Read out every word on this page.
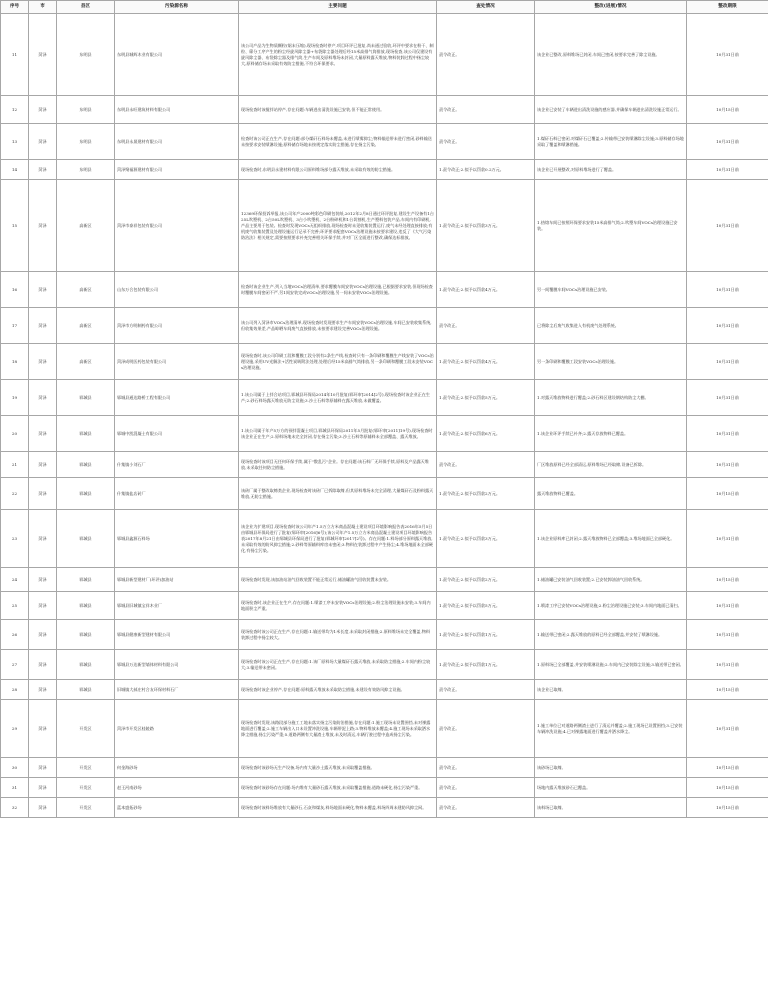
序号	市	县区	污染源名称	主要问题	查处情况	整改(进展)情况	整改期限
11	菏泽	东明县	东明县城辉木业有限公司	该公司产品为生物质颗粒(锯末压缩),现场检查时停产,项目环评已批复,尚未通过验收,环评中要求在粉干、制粒、筛分工序产生的粉尘经旋风除尘器+布袋除尘器处理后经15米高排气筒排放,现场检查,该公司仅建设有旋风除尘器、布袋除尘器及排气筒,生产车间及原料堆场未封闭,大量原料露天堆放,物料装卸过程中扬尘较大,原料储存场未采取有效防尘措施,不符合环保要求。	责令改正。	该企业已整改,原料堆场已封闭,车间已密闭,按要求完善了除尘设施。	10月31日前
12	菏泽	东明县	东明县永旺建筑材料有限公司	现场检查时该搅拌站停产,存在问题:车辆进出清洗设施已安装,但不能正常使用。	责令改正。	该企业已安装了车辆进出清洗设施的感应器,并确保车辆进出清洗设施正常运行。	10月15日前
13	菏泽	东明县	东明县永晟建材有限公司	检查时该公司正在生产,存在问题:部分煤矸石料场未覆盖,未进行喷雾抑尘;物料输送带未进行密闭,砂料输送未按要求安装喷淋设施;原料储存场地未按规定落实防尘措施,存在扬尘污染。	责令改正。	1.煤矸石料已密闭,对煤矸石已覆盖;2.传输带已安装喷淋除尘设施;3.原料储存场地采取了覆盖和喷淋措施。	10月31日前
14	菏泽	东明县	菏泽聚福源建材有限公司	现场检查时,东明县永建材料有限公司原料堆场部分露天堆放,未采取有效的防尘措施。	1.责令改正;2.拟予以罚款0.2万元。	该企业已开展整改,对原料堆场进行了覆盖。	10月31日前
15	菏泽	高新区	菏泽市泰祥包装有限公司	12369环保投诉举报,该公司年产2000吨彩色印刷包装纸,2012年2月8日通过环评批复,建设生产设备有1台25L吹塑机、2台50L吹塑机、3台小吹塑机、2台粉碎机和1台切割机,生产塑料包装产品,车间内有印刷机,产品主要用于包装。检查时发现VOCs无组织排放,现场检查时未见收集装置运行,废气未经处理直接排放;有机废气收集装置及处理设施运行记录不完善;环评要求配套VOCs治理设施未按要求建设,违反了《大气污染防治法》相关规定,需要按照要求补充完善相关环保手续,并对厂区全面进行整改,确保达标排放。	1.责令改正;2.拟予以罚款3万元。	1.热熔车间已按照环保要求安装15米高排气筒;2.吹塑车间VOCs治理设施已安装。	10月31日前
16	菏泽	高新区	山东万合包装有限公司	检查时该企业生产,列入当地VOCs治理清单,要求覆膜车间安装VOCs治理设施,已根据要求安装,但现场检查时覆膜车间密闭不严,另1间安装完成VOCs治理设施,另一间未安装VOCs治理设施。	1.责令改正;2.拟予以罚款4万元。	另一间覆膜车间VOCs治理设施已安装。	10月31日前
17	菏泽	高新区	菏泽市方明制药有限公司	该公司列入菏泽市VOCs治理清单,现场检查时发现要求生产车间安装VOCs治理设施,车间已安装收集系统,但收集效果差,产品晾晒车间废气直接排放,未按要求建设完善VOCs治理设施。	责令改正。	已将除尘后废气收集进入有机废气处理系统。	10月31日前
18	菏泽	高新区	菏泽成明医药包装有限公司	现场检查时,该公司印刷工段和覆膜工段分别有2条生产线,检查时只有一条印刷和覆膜生产线安装了VOCs治理设施,采用UV光解法+活性炭吸附法处理,处理后经15米高排气筒排放,另一条印刷和覆膜工段未安装VOCs治理设施。	1.责令改正;2.拟予以罚款4万元。	另一条印刷和覆膜工段安装VOCs治理设施。	10月31日前
19	菏泽	郓城县	郓城县通达路桥工程有限公司	1.该公司属于上拌合站项目,郓城县环保局2014年10月批复(郓环审[2014]2号),现场检查时该企业正在生产;2.砂石料场露天堆放无防尘设施;3.沙土石料等原辅料在露天堆放,未做覆盖。	1.责令改正;2.拟予以罚款5万元。	1.对露天堆放物料进行覆盖;2.砂石料区建设钢结构防尘大棚。	10月31日前
20	菏泽	郓城县	郓城中凯混凝土有限公司	1.该公司属于年产5万方的预拌混凝土项目,郓城县环保局2011年5月批复(郓环审[2011]19号),现场检查时该企业正在生产;2.原料场地未完全封闭,存在扬尘污染;3.沙土石料等原辅料未全部覆盖、露天堆放。	1.责令改正;2.拟予以罚款6万元。	1.该企业环评手续已补齐;2.露天存放物料已覆盖。	10月31日前
21	菏泽	郓城县	什集镇小刘石厂	现场检查时该项目无任何环保手续,属于"散乱污"企业。存在问题:该石料厂无环保手续,原料及产品露天堆放,未采取任何防尘措施。	责令改正。	厂区堆放原料已经全部清运,原料堆场已经取缔,设备已拆除。	10月31日前
22	菏泽	郓城县	什集镇盐店砖厂	该砖厂属于整改取缔类企业,现场检查时该砖厂已拆除取缔,但其原料堆场未完全清理,大量煤矸石及粉料露天堆放,无防尘措施。	1.责令改正;2.拟予以罚款2万元。	露天堆放物料已覆盖。	10月15日前
23	菏泽	郓城县	郓城县鑫源石料场	该企业为扩建项目,现场检查时该公司年产1.5万立方米商品混凝土建设项目环境影响报告表2016年5月5日由郓城县环保局进行了批复(郓环审[2016]6号);该公司年产1.5万立方米商品混凝土建设项目环境影响报告表2017年8月21日由郓城县环保局进行了批复(郓城环审[2017]2号)。存在问题:1.料场部分原料露天堆放,未采取有效的防风抑尘措施;2.砂料等原辅料库房未密闭;3.物料在装卸过程中产生扬尘;4.堆场地面未全部硬化,有扬尘污染。	1.责令改正;2.拟予以罚款3万元。	1.该企业原料库已封闭;2.露天堆放物料已全部覆盖;3.堆场地面已全部硬化。	10月31日前
24	菏泽	郓城县	郓城县新型建材厂(环评)加油站	现场检查时发现,该加油站油气回收装置不能正常运行,储油罐油气回收装置未安装。	1.责令改正;2.拟予以罚款2万元。	1.储油罐已安装油气回收装置;2.已安装卸油油气回收系统。	10月15日前
25	菏泽	郓城县	郓城县旧城镇宝祥木业厂	现场检查时,该企业正在生产,存在问题:1.喷漆工序未安装VOCs治理设施;2.粉尘治理设施未安装;3.车间内地面积尘严重。	1.责令改正;2.拟予以罚款5万元。	1.喷漆工序已安装VOCs治理设施;2.粉尘治理设施已安装;3.车间内地面已清扫。	10月31日前
26	菏泽	郓城县	郓城县健康新型建材有限公司	现场检查时该公司正在生产,存在问题:1.输送带均为1米长度,未采取封闭措施;2.原料堆场未完全覆盖,物料装卸过程中扬尘较大。	1.责令改正;2.拟予以罚款1万元。	1.输送带已密闭;2.露天堆放的原料已经全部覆盖,并安装了喷淋设施。	10月31日前
27	菏泽	郓城县	郓城县万达新型墙体材料有限公司	现场检查时该公司正在生产,存在问题:1.该厂原料场大量煤矸石露天堆放,未采取防尘措施;2.车间内粉尘较大;3.输送带未密闭。	1.责令改正;2.拟予以罚款1万元。	1.原料场已全部覆盖,并安装喷淋设施;2.车间内已安装除尘设施;3.输送带已密闭。	10月31日前
28	菏泽	郓城县	旧城镇大郝庄村合友环保材料石厂	现场检查时该企业停产,存在问题:原料露天堆放未采取防尘措施,未建设有效防风抑尘设施。	责令改正。	该企业已取缔。	10月15日前
29	菏泽	开发区	菏泽市开发区桂陵路	现场检查时发现,该路段部分施工工地未落实扬尘污染防治措施,存在问题:1.施工现场未设置围挡,未对裸露地面进行覆盖;2.施工车辆出入口未设置冲洗设施,车辆带泥上路;3.物料堆放未覆盖;4.施工现场未采取洒水降尘措施,扬尘污染严重;5.道路两侧有大量渣土堆放,未及时清运,车辆行驶过程中造成扬尘污染。	责令改正。	1.施工单位已对道路两侧渣土进行了清运并覆盖;2.施工现场已设置围挡;3.已安装车辆冲洗设施;4.已对裸露地面进行覆盖并洒水降尘。	10月31日前
30	菏泽	开发区	何金海砂场	现场检查时该砂场无生产设备,场内有大量沙土露天堆放,未采取覆盖措施。	责令改正。	该砂场已取缔。	10月15日前
31	菏泽	开发区	赵王河南砂场	现场检查时该砂场存在问题:场内堆有大量砂石露天堆放,未采取覆盖措施,道路未硬化,扬尘污染严重。	责令改正。	场地内露天堆放砂石已覆盖。	10月15日前
32	菏泽	开发区	蓝本盛拓砂场	现场检查时该料场堆放有大量砂石,石灰和煤灰,料场地面未硬化,物料未覆盖,料场四周未建防风抑尘网。	责令改正。	该料场已取缔。	10月15日前
